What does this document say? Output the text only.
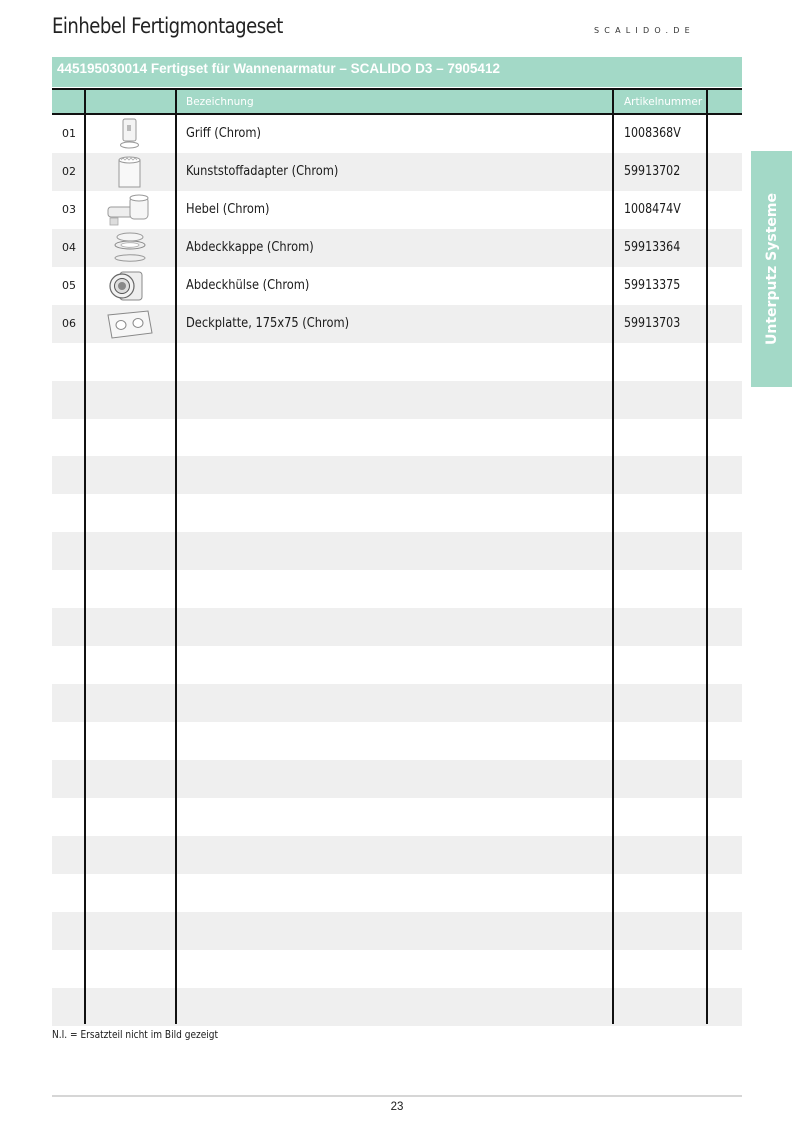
Einhebel Fertigmontageset	SCALIDO.DE
445195030014 Fertigset für Wannenarmatur – SCALIDO D3 – 7905412
Bezeichnung	Artikelnummer
01	Griff (Chrom)	1008368V
02	Kunststoffadapter (Chrom)	59913702
03	Hebel (Chrom)	1008474V
04	Abdeckkappe (Chrom)	59913364
05	Abdeckhülse (Chrom)	59913375
06	Deckplatte, 175x75 (Chrom)	59913703	Unterputz Systeme
N.I. = Ersatzteil nicht im Bild gezeigt
23
